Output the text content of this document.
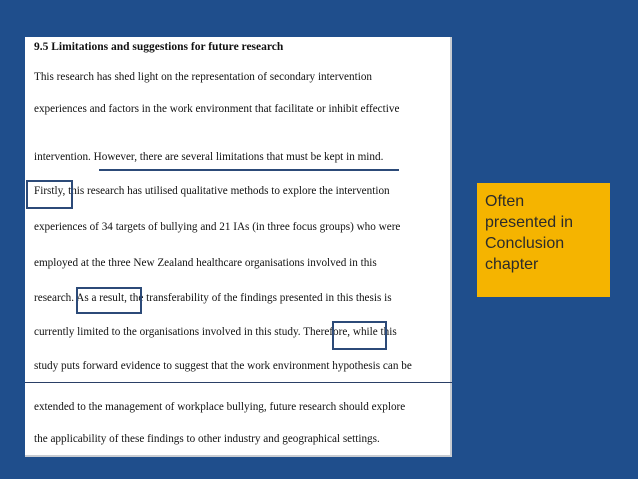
9.5 Limitations and suggestions for future research
This research has shed light on the representation of secondary intervention
experiences and factors in the work environment that facilitate or inhibit effective
intervention. However, there are several limitations that must be kept in mind.
Firstly, this research has utilised qualitative methods to explore the intervention
experiences of 34 targets of bullying and 21 IAs (in three focus groups) who were
employed at the three New Zealand healthcare organisations involved in this
research. As a result, the transferability of the findings presented in this thesis is
currently limited to the organisations involved in this study. Therefore, while this
study puts forward evidence to suggest that the work environment hypothesis can be
extended to the management of workplace bullying, future research should explore
the applicability of these findings to other industry and geographical settings.
Often
presented in
Conclusion
chapter
